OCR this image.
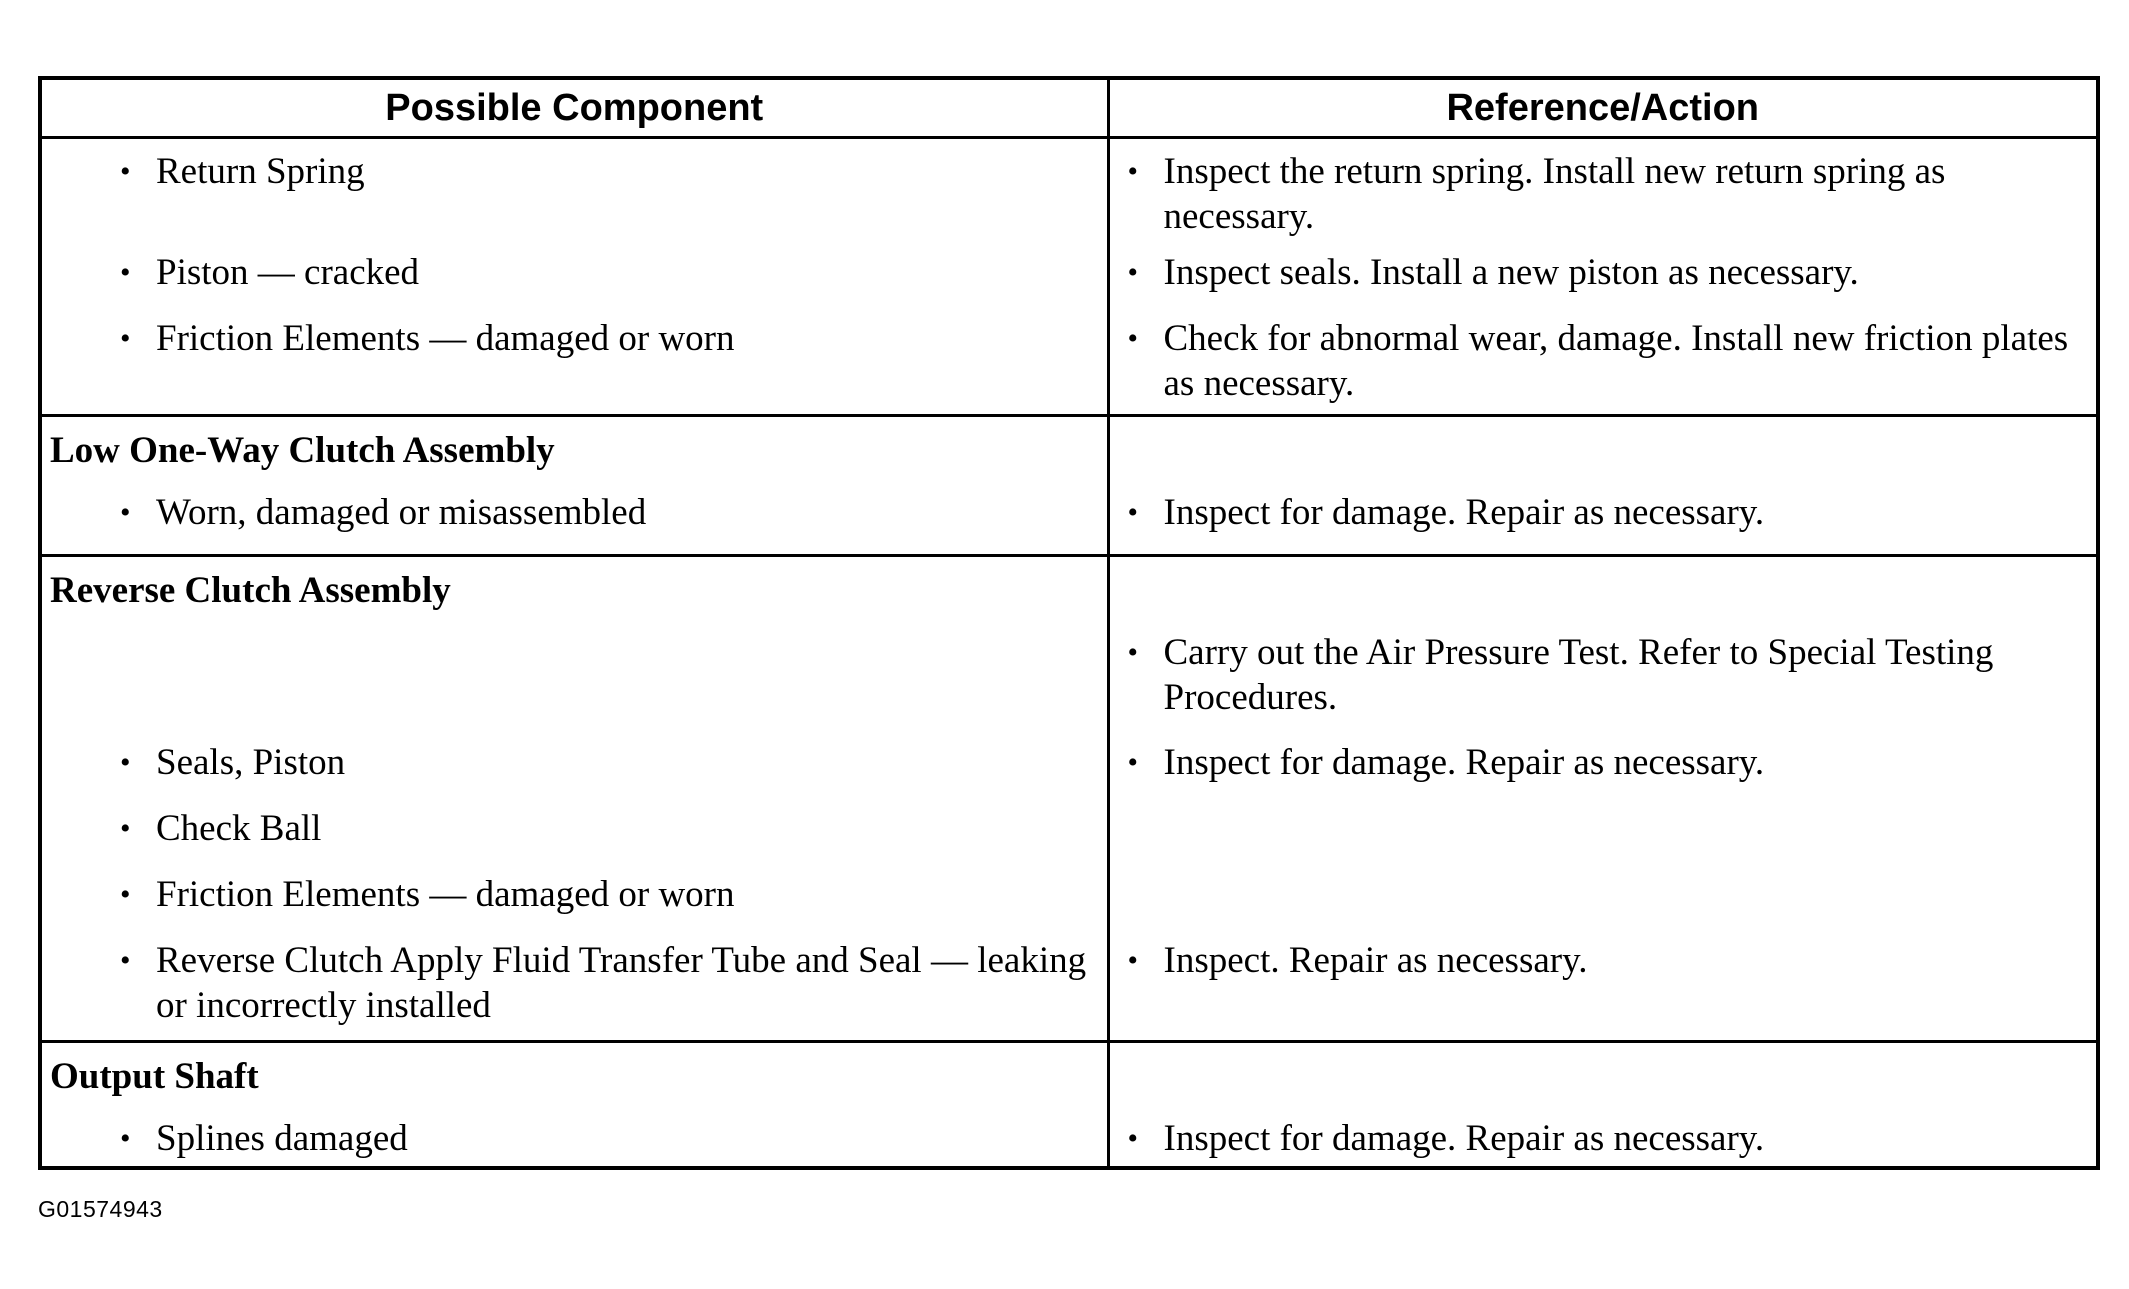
Possible Component	Reference/Action

• Return Spring	• Inspect the return spring. Install new return spring as necessary.

• Piston — cracked	• Inspect seals. Install a new piston as necessary.

• Friction Elements — damaged or worn	• Check for abnormal wear, damage. Install new friction plates as necessary.

Low One-Way Clutch Assembly	

• Worn, damaged or misassembled	• Inspect for damage. Repair as necessary.

Reverse Clutch Assembly	

	• Carry out the Air Pressure Test. Refer to Special Testing Procedures.

• Seals, Piston	• Inspect for damage. Repair as necessary.

• Check Ball	

• Friction Elements — damaged or worn	

• Reverse Clutch Apply Fluid Transfer Tube and Seal — leaking or incorrectly installed	• Inspect. Repair as necessary.

Output Shaft	

• Splines damaged	• Inspect for damage. Repair as necessary.
G01574943
